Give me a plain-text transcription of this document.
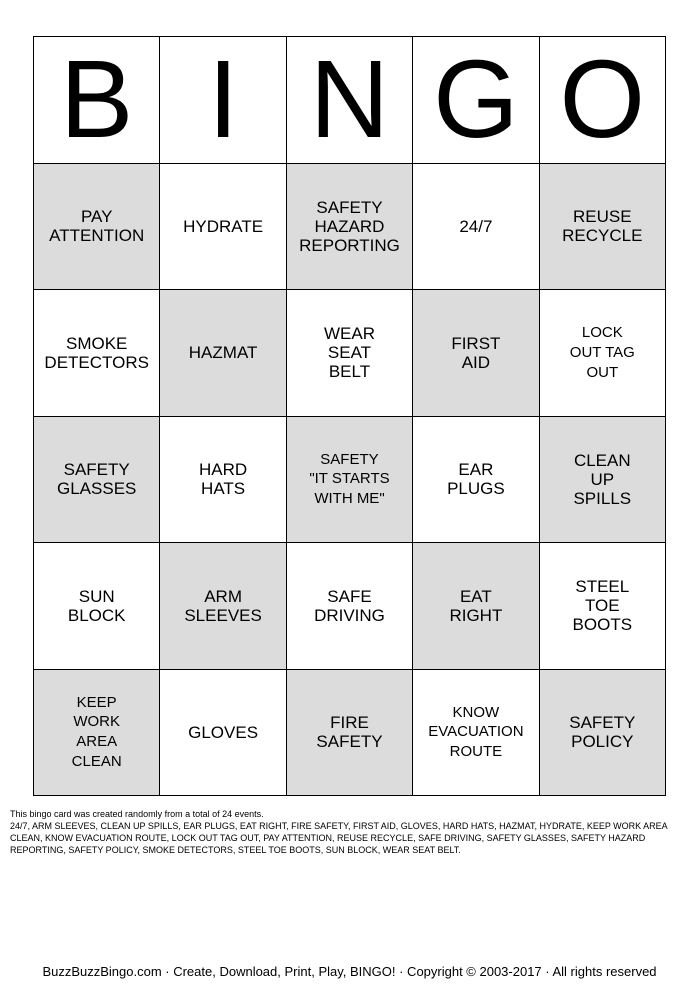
B I N G O
PAY
ATTENTION
HYDRATE
SAFETY
HAZARD
REPORTING
24/7
REUSE
RECYCLE
SMOKE
DETECTORS
HAZMAT
WEAR
SEAT
BELT
FIRST
AID
LOCK
OUT TAG
OUT
SAFETY
GLASSES
HARD
HATS
SAFETY
"IT STARTS
WITH ME"
EAR
PLUGS
CLEAN
UP
SPILLS
SUN
BLOCK
ARM
SLEEVES
SAFE
DRIVING
EAT
RIGHT
STEEL
TOE
BOOTS
KEEP
WORK
AREA
CLEAN
GLOVES
FIRE
SAFETY
KNOW
EVACUATION
ROUTE
SAFETY
POLICY
This bingo card was created randomly from a total of 24 events.
24/7, ARM SLEEVES, CLEAN UP SPILLS, EAR PLUGS, EAT RIGHT, FIRE SAFETY, FIRST AID, GLOVES, HARD HATS, HAZMAT, HYDRATE, KEEP WORK AREA CLEAN, KNOW EVACUATION ROUTE, LOCK OUT TAG OUT, PAY ATTENTION, REUSE RECYCLE, SAFE DRIVING, SAFETY GLASSES, SAFETY HAZARD REPORTING, SAFETY POLICY, SMOKE DETECTORS, STEEL TOE BOOTS, SUN BLOCK, WEAR SEAT BELT.
BuzzBuzzBingo.com · Create, Download, Print, Play, BINGO! · Copyright © 2003-2017 · All rights reserved
